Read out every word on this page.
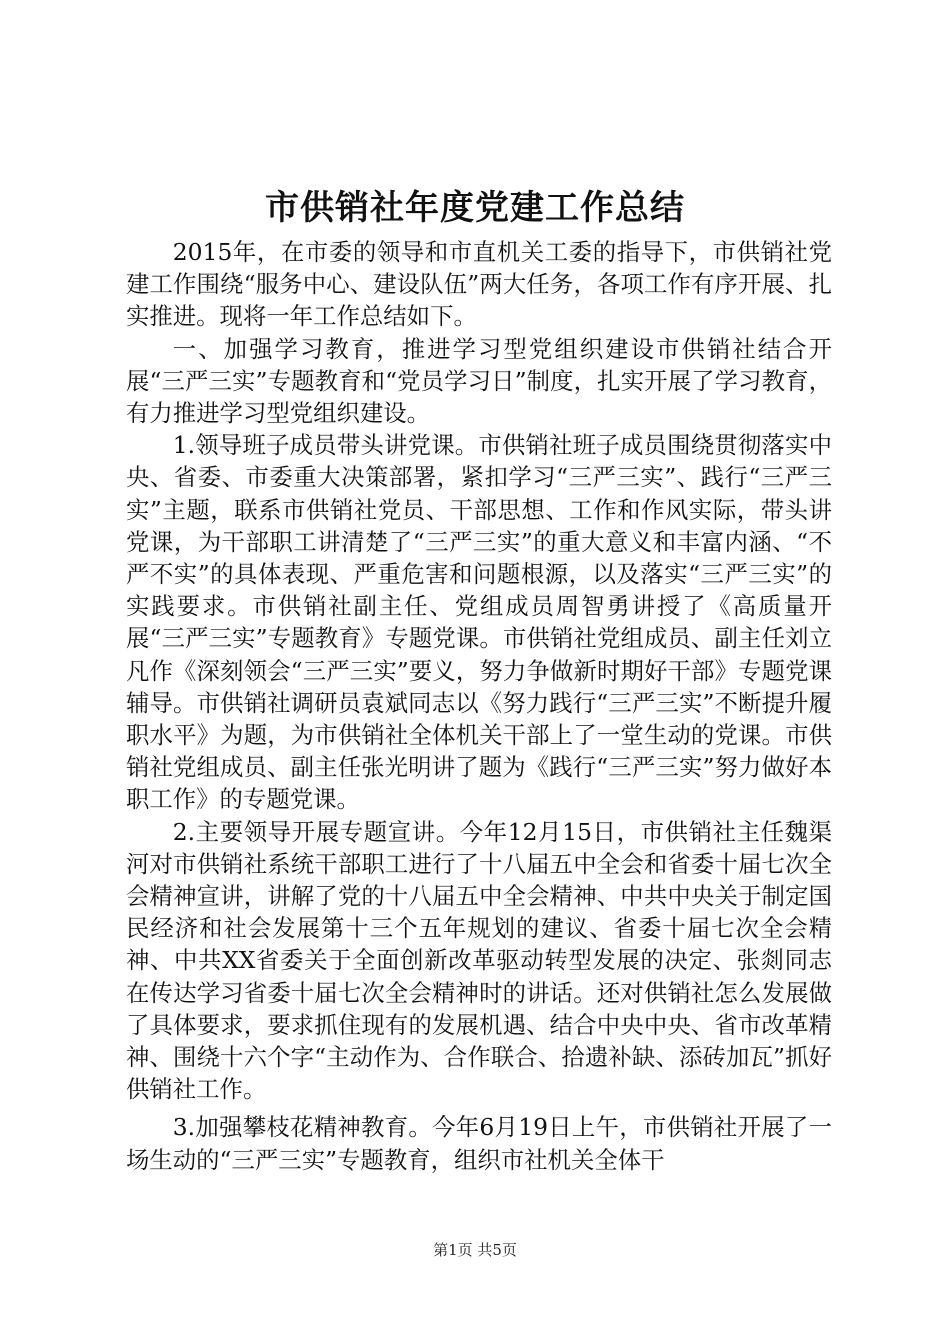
市供销社年度党建工作总结

2015年，在市委的领导和市直机关工委的指导下，市供销社党建工作围绕“服务中心、建设队伍”两大任务，各项工作有序开展、扎实推进。现将一年工作总结如下。

一、加强学习教育，推进学习型党组织建设市供销社结合开展“三严三实”专题教育和“党员学习日”制度，扎实开展了学习教育，有力推进学习型党组织建设。

1.领导班子成员带头讲党课。市供销社班子成员围绕贯彻落实中央、省委、市委重大决策部署，紧扣学习“三严三实”、践行“三严三实”主题，联系市供销社党员、干部思想、工作和作风实际，带头讲党课，为干部职工讲清楚了“三严三实”的重大意义和丰富内涵、“不严不实”的具体表现、严重危害和问题根源，以及落实“三严三实”的实践要求。市供销社副主任、党组成员周智勇讲授了《高质量开展“三严三实”专题教育》专题党课。市供销社党组成员、副主任刘立凡作《深刻领会“三严三实”要义，努力争做新时期好干部》专题党课辅导。市供销社调研员袁斌同志以《努力践行“三严三实”不断提升履职水平》为题，为市供销社全体机关干部上了一堂生动的党课。市供销社党组成员、副主任张光明讲了题为《践行“三严三实”努力做好本职工作》的专题党课。

2.主要领导开展专题宣讲。今年12月15日，市供销社主任魏渠河对市供销社系统干部职工进行了十八届五中全会和省委十届七次全会精神宣讲，讲解了党的十八届五中全会精神、中共中央关于制定国民经济和社会发展第十三个五年规划的建议、省委十届七次全会精神、中共XX省委关于全面创新改革驱动转型发展的决定、张剡同志在传达学习省委十届七次全会精神时的讲话。还对供销社怎么发展做了具体要求，要求抓住现有的发展机遇、结合中央中央、省市改革精神、围绕十六个字“主动作为、合作联合、拾遗补缺、添砖加瓦”抓好供销社工作。

3.加强攀枝花精神教育。今年6月19日上午，市供销社开展了一场生动的“三严三实”专题教育，组织市社机关全体干

第1页 共5页
